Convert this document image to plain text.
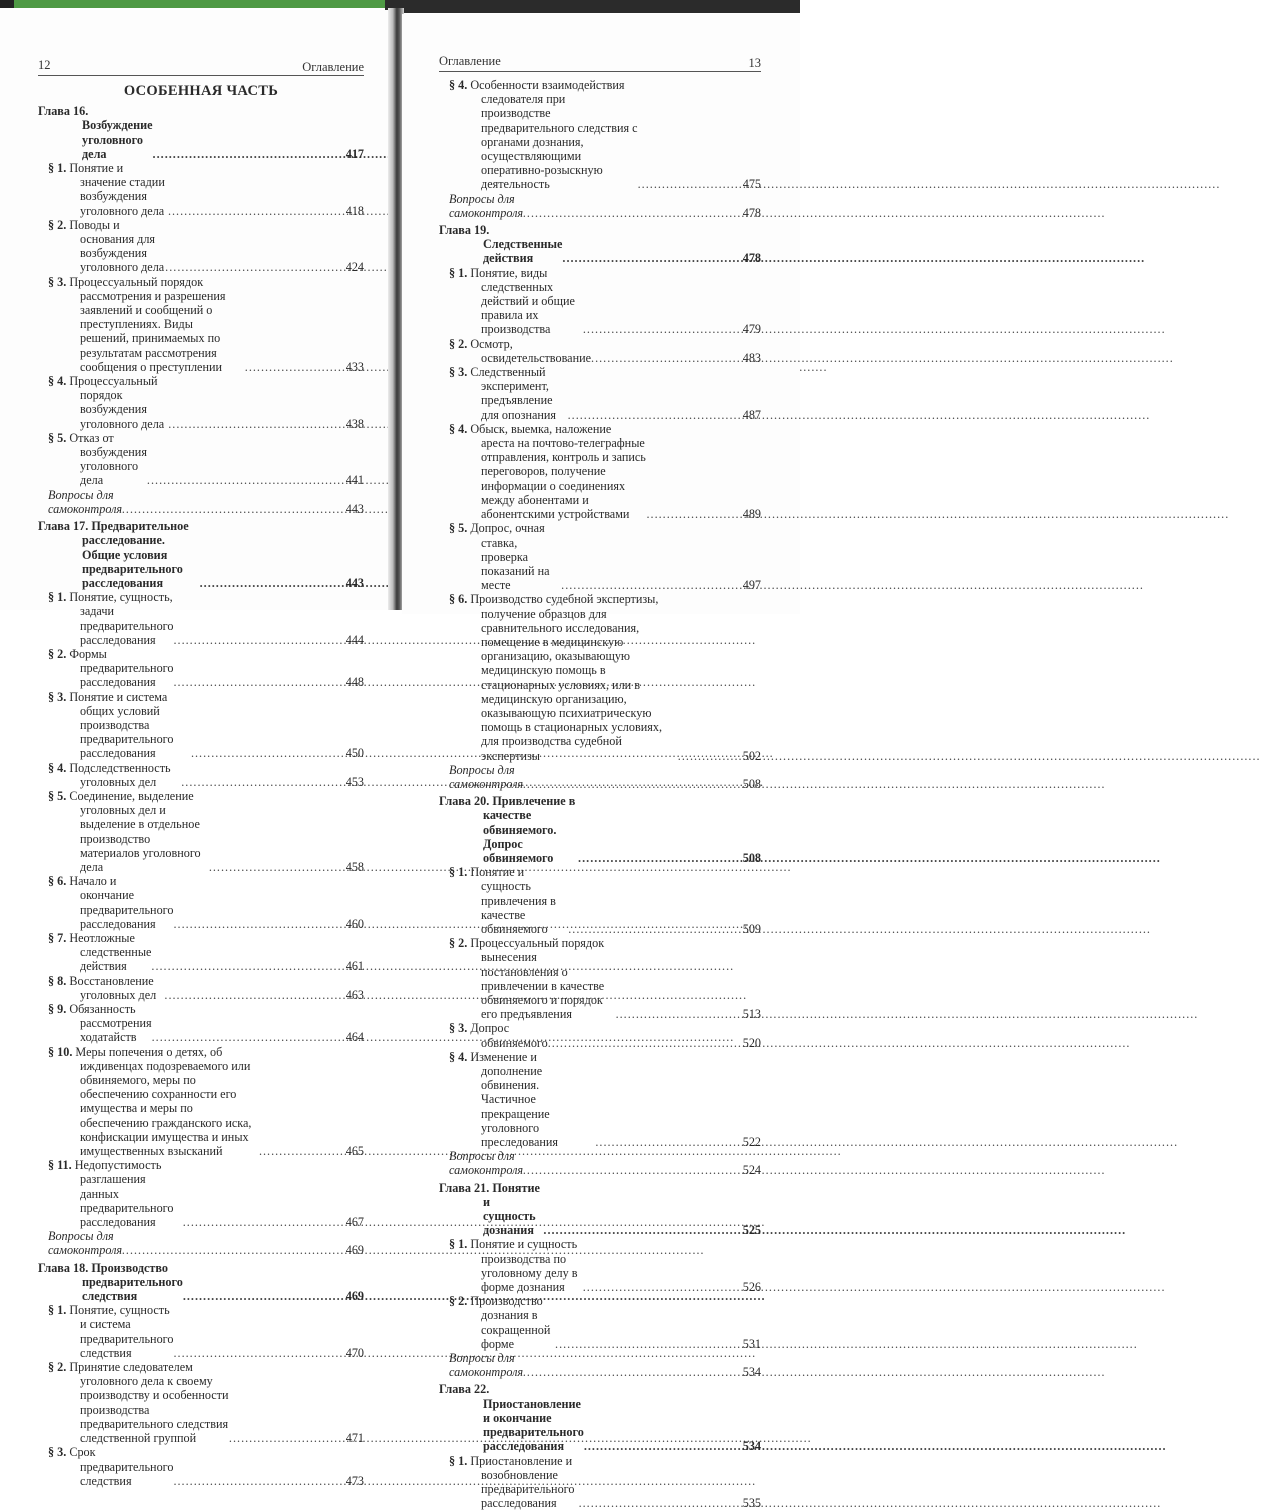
12	Оглавление
ОСОБЕННАЯ ЧАСТЬ
Глава 16. Возбуждение уголовного дела .....	417
§ 1. Понятие и значение стадии возбуждения уголовного дела .....	418
§ 2. Поводы и основания для возбуждения уголовного дела .....	424
§ 3. Процессуальный порядок рассмотрения и разрешения заявлений и сообщений о преступлениях. Виды решений, принимаемых по результатам рассмотрения сообщения о преступлении .....	433
§ 4. Процессуальный порядок возбуждения уголовного дела .....	438
§ 5. Отказ от возбуждения уголовного дела .....	441
Вопросы для самоконтроля .....	443
Глава 17. Предварительное расследование. Общие условия предварительного расследования .....	443
§ 1. Понятие, сущность, задачи предварительного расследования .....	444
§ 2. Формы предварительного расследования .....	448
§ 3. Понятие и система общих условий производства предварительного расследования .....	450
§ 4. Подследственность уголовных дел .....	453
§ 5. Соединение, выделение уголовных дел и выделение в отдельное производство материалов уголовного дела .....	458
§ 6. Начало и окончание предварительного расследования .....	460
§ 7. Неотложные следственные действия .....	461
§ 8. Восстановление уголовных дел .....	463
§ 9. Обязанность рассмотрения ходатайств .....	464
§ 10. Меры попечения о детях, об иждивенцах подозреваемого или обвиняемого, меры по обеспечению сохранности его имущества и меры по обеспечению гражданского иска, конфискации имущества и иных имущественных взысканий .....	465
§ 11. Недопустимость разглашения данных предварительного расследования .....	467
Вопросы для самоконтроля .....	469
Глава 18. Производство предварительного следствия .....	469
§ 1. Понятие, сущность и система предварительного следствия .....	470
§ 2. Принятие следователем уголовного дела к своему производству и особенности производства предварительного следствия следственной группой .....	471
§ 3. Срок предварительного следствия .....	473
Оглавление	13
§ 4. Особенности взаимодействия следователя при производстве предварительного следствия с органами дознания, осуществляющими оперативно-розыскную деятельность .....	475
Вопросы для самоконтроля .....	478
Глава 19. Следственные действия .....	478
§ 1. Понятие, виды следственных действий и общие правила их производства .....	479
§ 2. Осмотр, освидетельствование .....	483
§ 3. Следственный эксперимент, предъявление для опознания .....	487
§ 4. Обыск, выемка, наложение ареста на почтово-телеграфные отправления, контроль и запись переговоров, получение информации о соединениях между абонентами и абонентскими устройствами .....	489
§ 5. Допрос, очная ставка, проверка показаний на месте .....	497
§ 6. Производство судебной экспертизы, получение образцов для сравнительного исследования, помещение в медицинскую организацию, оказывающую медицинскую помощь в стационарных условиях, или в медицинскую организацию, оказывающую психиатрическую помощь в стационарных условиях, для производства судебной экспертизы .....	502
Вопросы для самоконтроля .....	508
Глава 20. Привлечение в качестве обвиняемого. Допрос обвиняемого .....	508
§ 1. Понятие и сущность привлечения в качестве обвиняемого .....	509
§ 2. Процессуальный порядок вынесения постановления о привлечении в качестве обвиняемого и порядок его предъявления .....	513
§ 3. Допрос обвиняемого .....	520
§ 4. Изменение и дополнение обвинения. Частичное прекращение уголовного преследования .....	522
Вопросы для самоконтроля .....	524
Глава 21. Понятие и сущность дознания .....	525
§ 1. Понятие и сущность производства по уголовному делу в форме дознания .....	526
§ 2. Производство дознания в сокращенной форме .....	531
Вопросы для самоконтроля .....	534
Глава 22. Приостановление и окончание предварительного расследования .....	534
§ 1. Приостановление и возобновление предварительного расследования .....	535
